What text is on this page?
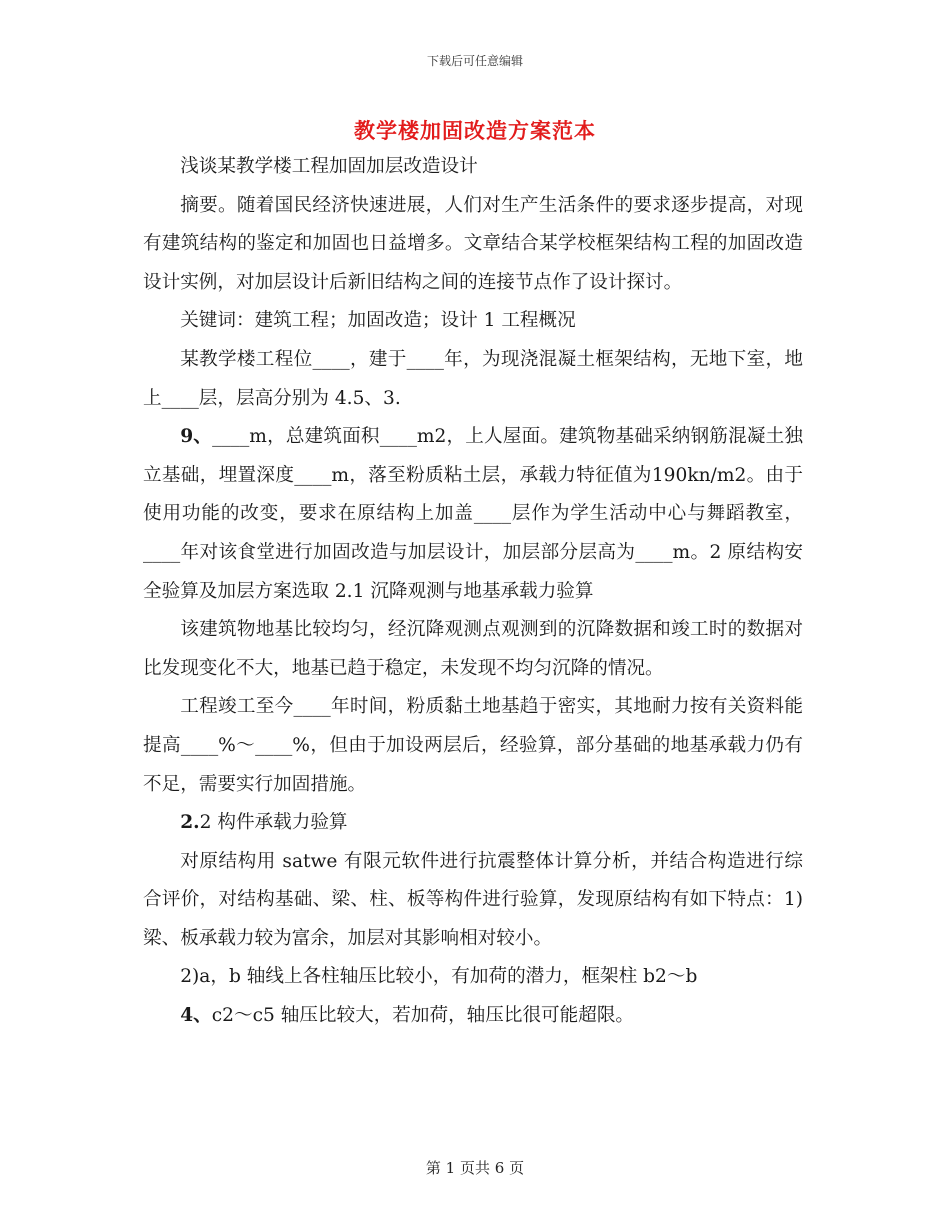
下载后可任意编辑
教学楼加固改造方案范本

浅谈某教学楼工程加固加层改造设计

摘要。随着国民经济快速进展，人们对生产生活条件的要求逐步提高，对现有建筑结构的鉴定和加固也日益增多。文章结合某学校框架结构工程的加固改造设计实例，对加层设计后新旧结构之间的连接节点作了设计探讨。

关键词：建筑工程；加固改造；设计 1 工程概况

某教学楼工程位____，建于____年，为现浇混凝土框架结构，无地下室，地上____层，层高分别为 4.5、3.

9、____m，总建筑面积____m2，上人屋面。建筑物基础采纳钢筋混凝土独立基础，埋置深度____m，落至粉质粘土层，承载力特征值为190kn/m2。由于使用功能的改变，要求在原结构上加盖____层作为学生活动中心与舞蹈教室，____年对该食堂进行加固改造与加层设计，加层部分层高为____m。2 原结构安全验算及加层方案选取 2.1 沉降观测与地基承载力验算

该建筑物地基比较均匀，经沉降观测点观测到的沉降数据和竣工时的数据对比发现变化不大，地基已趋于稳定，未发现不均匀沉降的情况。

工程竣工至今____年时间，粉质黏土地基趋于密实，其地耐力按有关资料能提高____%～____%，但由于加设两层后，经验算，部分基础的地基承载力仍有不足，需要实行加固措施。

2.2 构件承载力验算

对原结构用 satwe 有限元软件进行抗震整体计算分析，并结合构造进行综合评价，对结构基础、梁、柱、板等构件进行验算，发现原结构有如下特点：1)梁、板承载力较为富余，加层对其影响相对较小。

2)a，b 轴线上各柱轴压比较小，有加荷的潜力，框架柱 b2～b

4、c2～c5 轴压比较大，若加荷，轴压比很可能超限。

第 1 页共 6 页
